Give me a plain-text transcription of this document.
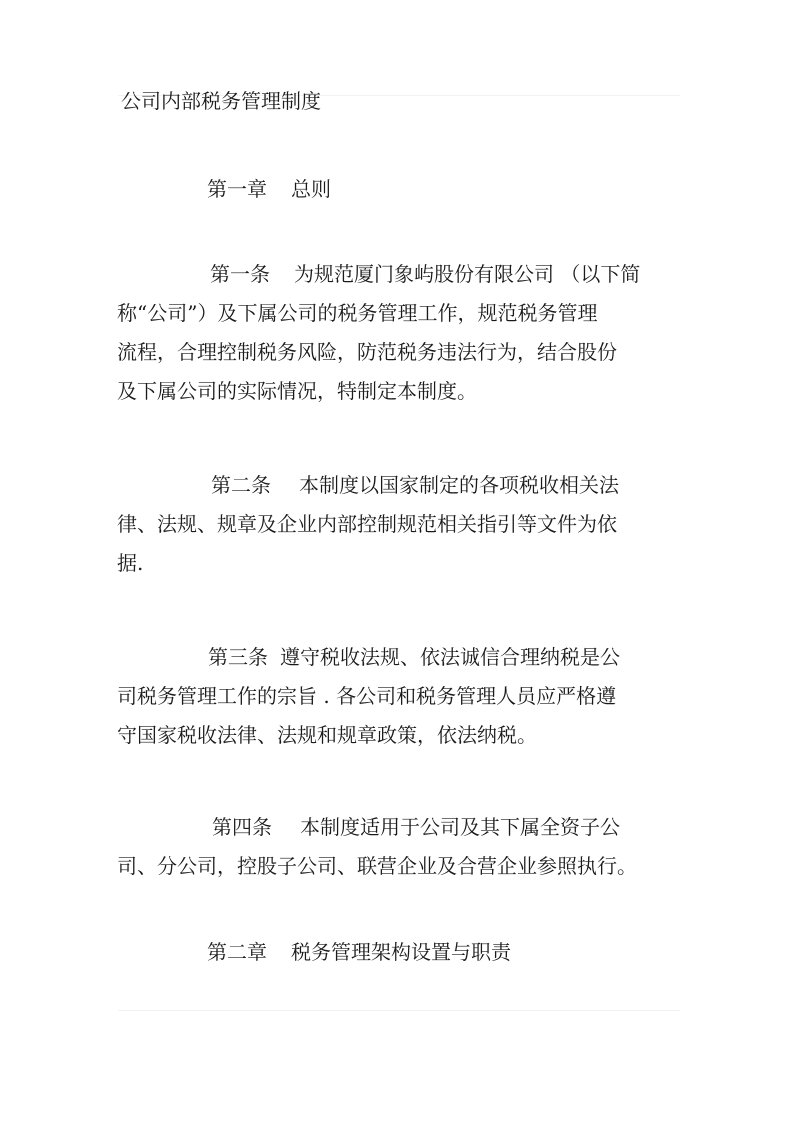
公司内部税务管理制度
第一章 总则
第一条 为规范厦门象屿股份有限公司 （以下简
称“公司”）及下属公司的税务管理工作，规范税务管理
流程，合理控制税务风险，防范税务违法行为，结合股份
及下属公司的实际情况，特制定本制度。
第二条 本制度以国家制定的各项税收相关法
律、法规、规章及企业内部控制规范相关指引等文件为依
据.
第三条 遵守税收法规、依法诚信合理纳税是公
司税务管理工作的宗旨 . 各公司和税务管理人员应严格遵
守国家税收法律、法规和规章政策，依法纳税。
第四条 本制度适用于公司及其下属全资子公
司、分公司，控股子公司、联营企业及合营企业参照执行。
第二章 税务管理架构设置与职责
